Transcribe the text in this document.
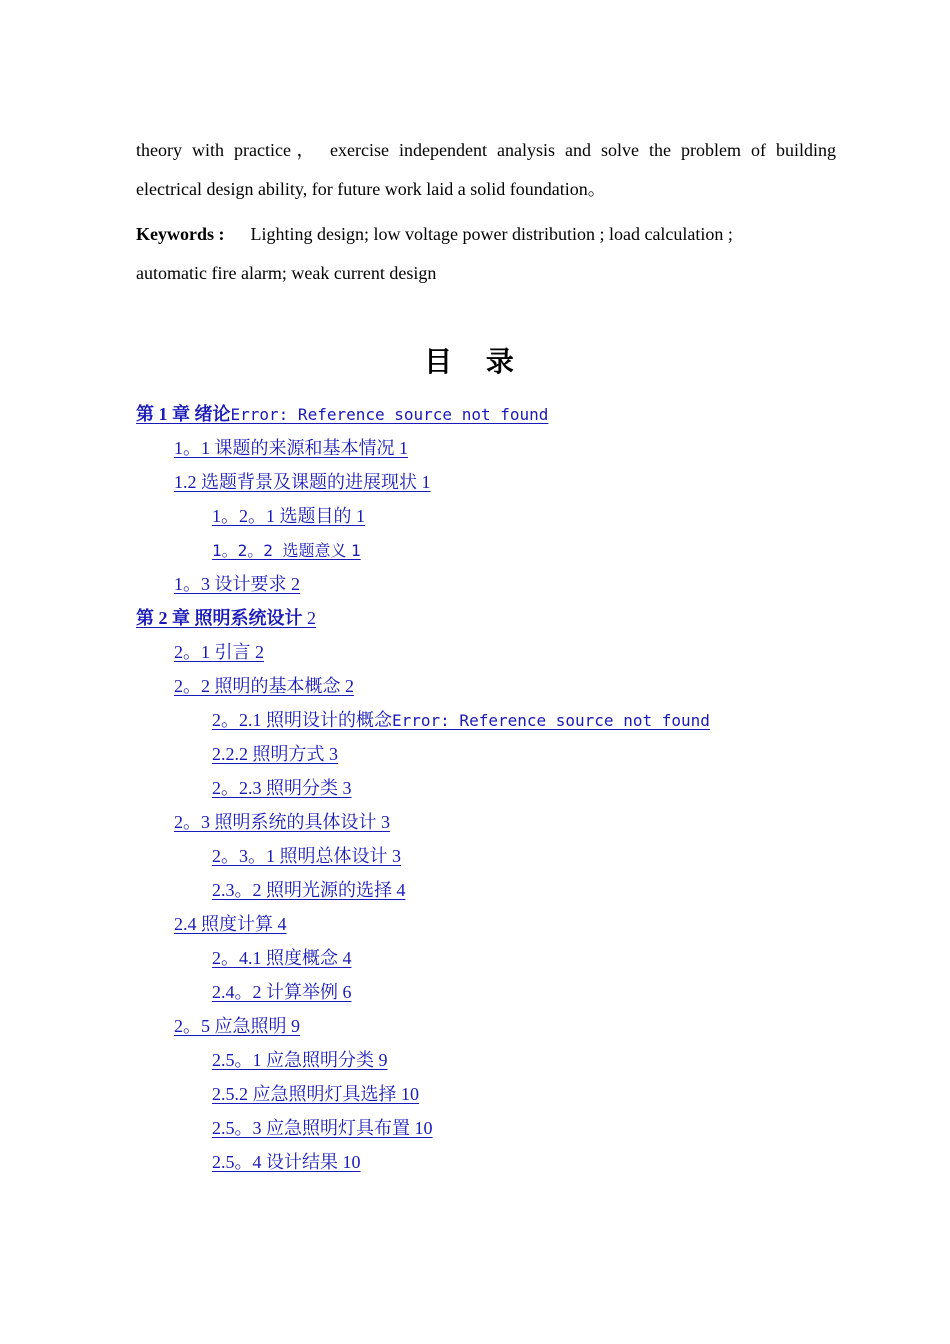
theory with practice， exercise independent analysis and solve the problem of building

electrical design ability, for future work laid a solid foundation。

Keywords : Lighting design; low voltage power distribution ; load calculation ;

automatic fire alarm; weak current design

目 录
第 1 章 绪论Error: Reference source not found
1。1 课题的来源和基本情况 1
1.2 选题背景及课题的进展现状 1
1。2。1 选题目的 1
1。2。2 选题意义 1
1。3 设计要求 2
第 2 章 照明系统设计 2
2。1 引言 2
2。2 照明的基本概念 2
2。2.1 照明设计的概念Error: Reference source not found
2.2.2 照明方式 3
2。2.3 照明分类 3
2。3 照明系统的具体设计 3
2。3。1 照明总体设计 3
2.3。2 照明光源的选择 4
2.4 照度计算 4
2。4.1 照度概念 4
2.4。2 计算举例 6
2。5 应急照明 9
2.5。1 应急照明分类 9
2.5.2 应急照明灯具选择 10
2.5。3 应急照明灯具布置 10
2.5。4 设计结果 10
